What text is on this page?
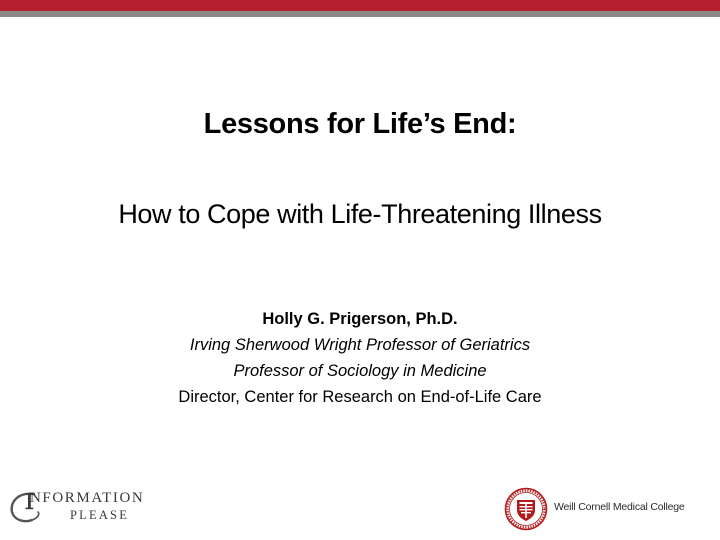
Lessons for Life’s End:
How to Cope with Life-Threatening Illness
Holly G. Prigerson, Ph.D.
Irving Sherwood Wright Professor of Geriatrics
Professor of Sociology in Medicine
Director, Center for Research on End-of-Life Care
NFORMATION
PLEASE
Weill Cornell Medical College
